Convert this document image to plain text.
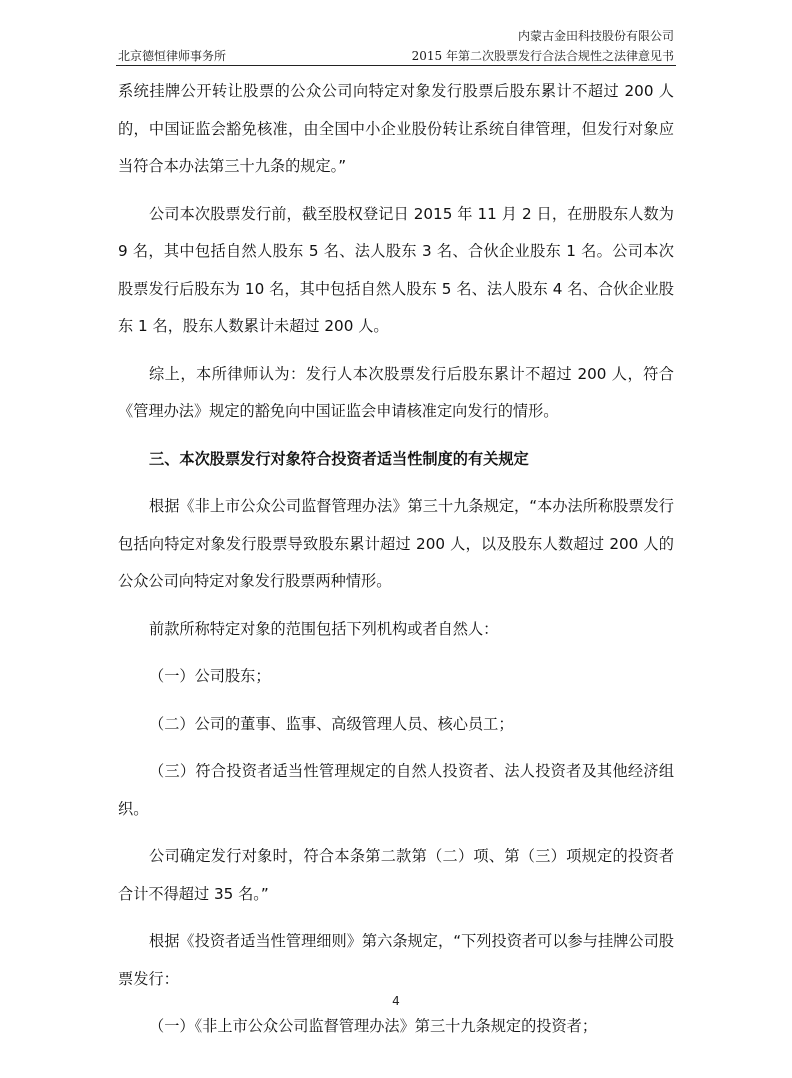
北京德恒律师事务所
内蒙古金田科技股份有限公司
2015 年第二次股票发行合法合规性之法律意见书

系统挂牌公开转让股票的公众公司向特定对象发行股票后股东累计不超过 200 人的，中国证监会豁免核准，由全国中小企业股份转让系统自律管理，但发行对象应当符合本办法第三十九条的规定。”

公司本次股票发行前，截至股权登记日 2015 年 11 月 2 日，在册股东人数为 9 名，其中包括自然人股东 5 名、法人股东 3 名、合伙企业股东 1 名。公司本次股票发行后股东为 10 名，其中包括自然人股东 5 名、法人股东 4 名、合伙企业股东 1 名，股东人数累计未超过 200 人。

综上，本所律师认为：发行人本次股票发行后股东累计不超过 200 人，符合《管理办法》规定的豁免向中国证监会申请核准定向发行的情形。

三、本次股票发行对象符合投资者适当性制度的有关规定

根据《非上市公众公司监督管理办法》第三十九条规定，“本办法所称股票发行包括向特定对象发行股票导致股东累计超过 200 人，以及股东人数超过 200 人的公众公司向特定对象发行股票两种情形。

前款所称特定对象的范围包括下列机构或者自然人：

（一）公司股东；

（二）公司的董事、监事、高级管理人员、核心员工；

（三）符合投资者适当性管理规定的自然人投资者、法人投资者及其他经济组织。

公司确定发行对象时，符合本条第二款第（二）项、第（三）项规定的投资者合计不得超过 35 名。”

根据《投资者适当性管理细则》第六条规定，“下列投资者可以参与挂牌公司股票发行：

（一）《非上市公众公司监督管理办法》第三十九条规定的投资者；

4
